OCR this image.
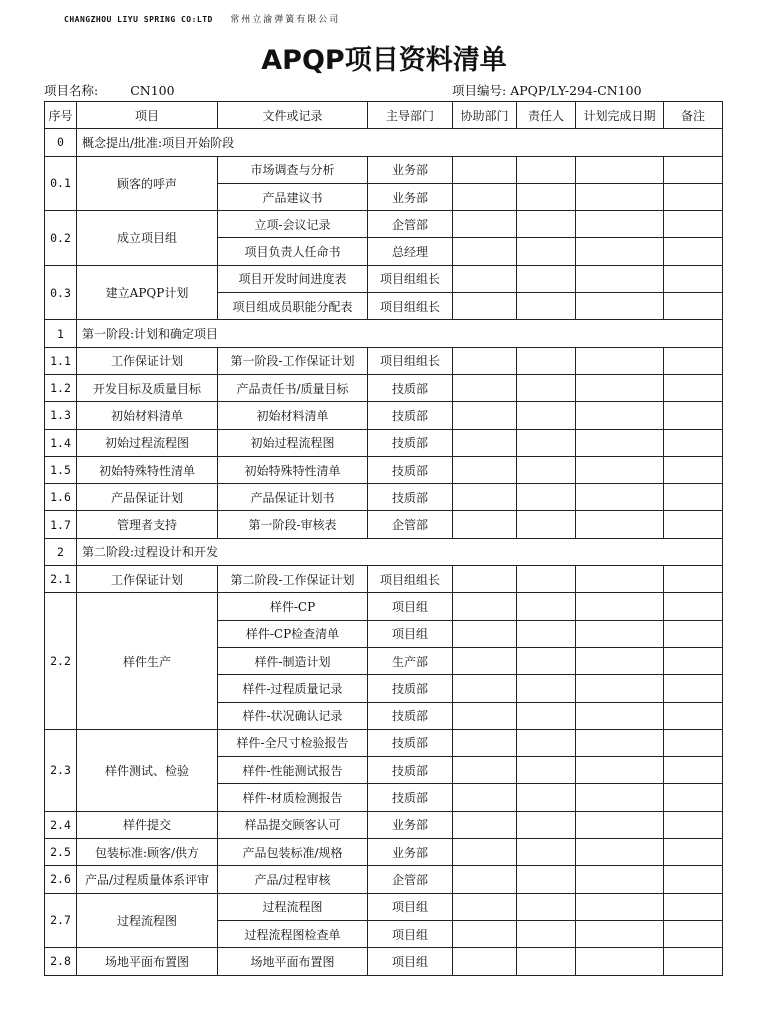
CHANGZHOU LIYU SPRING CO:LTD 常州立渝弹簧有限公司
APQP项目资料清单
项目名称:	CN100	项目编号: APQP/LY-294-CN100
序号	项目	文件或记录	主导部门	协助部门	责任人	计划完成日期	备注
0	概念提出/批准:项目开始阶段						
0.1	顾客的呼声	市场调查与分析	业务部				
		产品建议书	业务部				
0.2	成立项目组	立项-会议记录	企管部				
		项目负责人任命书	总经理				
0.3	建立APQP计划	项目开发时间进度表	项目组组长				
		项目组成员职能分配表	项目组组长				
1	第一阶段:计划和确定项目						
1.1	工作保证计划	第一阶段-工作保证计划	项目组组长				
1.2	开发目标及质量目标	产品责任书/质量目标	技质部				
1.3	初始材料清单	初始材料清单	技质部				
1.4	初始过程流程图	初始过程流程图	技质部				
1.5	初始特殊特性清单	初始特殊特性清单	技质部				
1.6	产品保证计划	产品保证计划书	技质部				
1.7	管理者支持	第一阶段-审核表	企管部				
2	第二阶段:过程设计和开发						
2.1	工作保证计划	第二阶段-工作保证计划	项目组组长				
2.2	样件生产	样件-CP	项目组				
		样件-CP检查清单	项目组				
		样件-制造计划	生产部				
		样件-过程质量记录	技质部				
		样件-状况确认记录	技质部				
2.3	样件测试、检验	样件-全尺寸检验报告	技质部				
		样件-性能测试报告	技质部				
		样件-材质检测报告	技质部				
2.4	样件提交	样品提交顾客认可	业务部				
2.5	包装标准:顾客/供方	产品包装标准/规格	业务部				
2.6	产品/过程质量体系评审	产品/过程审核	企管部				
2.7	过程流程图	过程流程图	项目组				
		过程流程图检查单	项目组				
2.8	场地平面布置图	场地平面布置图	项目组				
